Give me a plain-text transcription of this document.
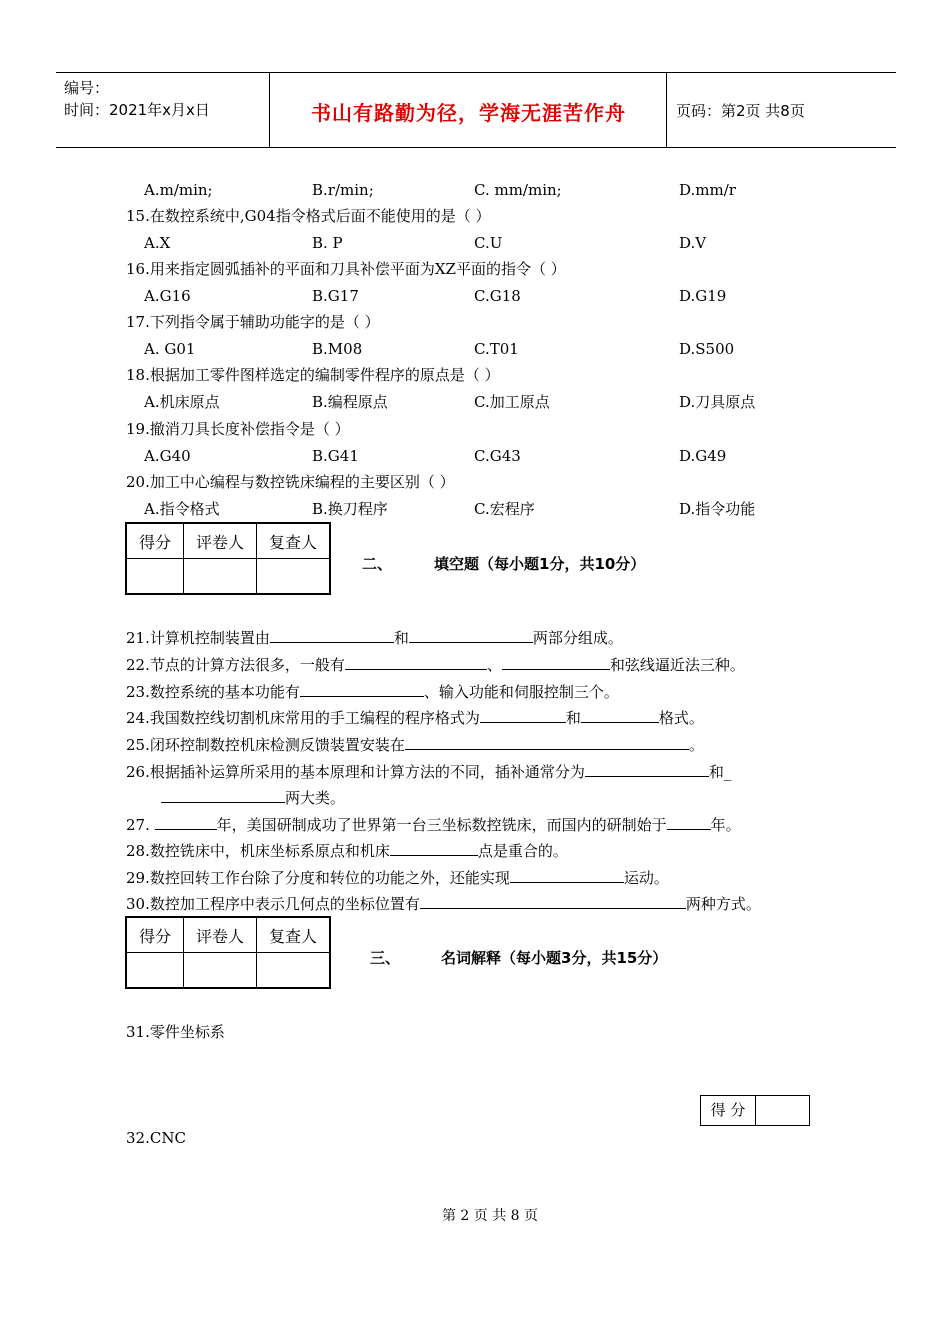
编号：
时间：2021年x月x日	书山有路勤为径，学海无涯苦作舟	页码：第2页 共8页
A.m/min;	B.r/min;	C. mm/min;	D.mm/r
15.在数控系统中,G04指令格式后面不能使用的是（ ）
A.X	B. P	C.U	D.V
16.用来指定圆弧插补的平面和刀具补偿平面为XZ平面的指令（ ）
A.G16	B.G17	C.G18	D.G19
17.下列指令属于辅助功能字的是（ ）
A. G01	B.M08	C.T01	D.S500
18.根据加工零件图样选定的编制零件程序的原点是（ ）
A.机床原点	B.编程原点	C.加工原点	D.刀具原点
19.撤消刀具长度补偿指令是（ ）
A.G40	B.G41	C.G43	D.G49
20.加工中心编程与数控铣床编程的主要区别（ ）
A.指令格式	B.换刀程序	C.宏程序	D.指令功能
得分	评卷人	复查人

二、	填空题（每小题1分，共10分）
21.计算机控制装置由	和	两部分组成。
22.节点的计算方法很多，一般有	、	和弦线逼近法三种。
23.数控系统的基本功能有	、输入功能和伺服控制三个。
24.我国数控线切割机床常用的手工编程的程序格式为	和	格式。
25.闭环控制数控机床检测反馈装置安装在	。
26.根据插补运算所采用的基本原理和计算方法的不同，插补通常分为	和_
两大类。
27.	年，美国研制成功了世界第一台三坐标数控铣床，而国内的研制始于	年。
28.数控铣床中，机床坐标系原点和机床	点是重合的。
29.数控回转工作台除了分度和转位的功能之外，还能实现	运动。
30.数控加工程序中表示几何点的坐标位置有	两种方式。
得分	评卷人	复查人

三、	名词解释（每小题3分，共15分）
31.零件坐标系
得 分
32.CNC
第 2 页 共 8 页
